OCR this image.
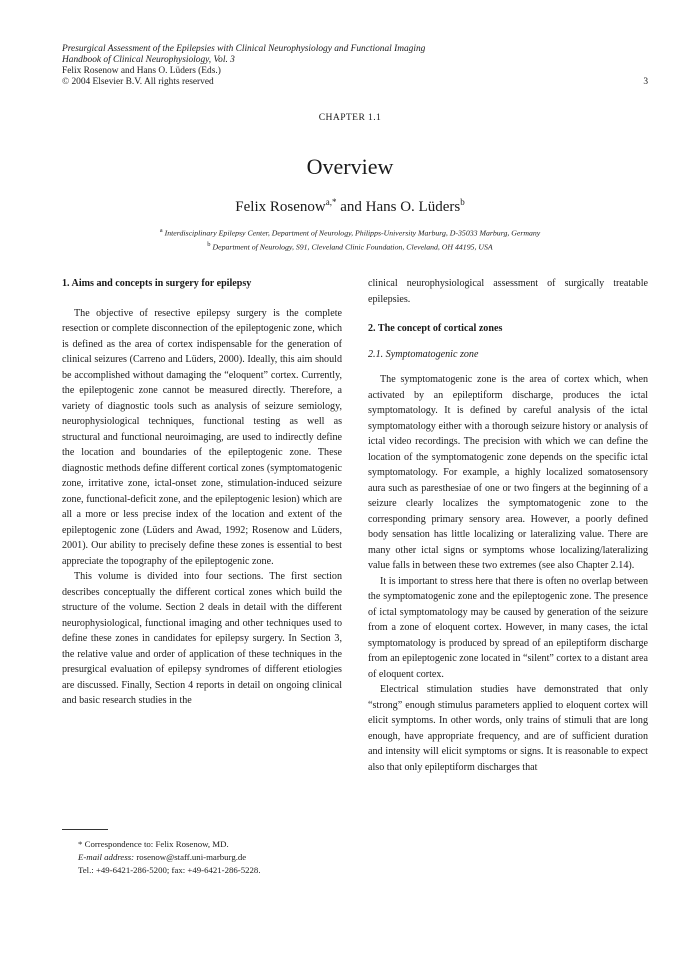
Presurgical Assessment of the Epilepsies with Clinical Neurophysiology and Functional Imaging
Handbook of Clinical Neurophysiology, Vol. 3
Felix Rosenow and Hans O. Lüders (Eds.)
© 2004 Elsevier B.V. All rights reserved	3
CHAPTER 1.1
Overview
Felix Rosenow$^{a,*}$ and Hans O. Lüders$^b$
$^a$ Interdisciplinary Epilepsy Center, Department of Neurology, Philipps-University Marburg, D-35033 Marburg, Germany
$^b$ Department of Neurology, S91, Cleveland Clinic Foundation, Cleveland, OH 44195, USA
1. Aims and concepts in surgery for epilepsy

The objective of resective epilepsy surgery is the complete resection or complete disconnection of the epileptogenic zone, which is defined as the area of cortex indispensable for the generation of clinical seizures (Carreno and Lüders, 2000). Ideally, this aim should be accomplished without damaging the “eloquent” cortex. Currently, the epileptogenic zone cannot be measured directly. Therefore, a variety of diagnostic tools such as analysis of seizure semiology, neurophysiological techniques, functional testing as well as structural and functional neuroimaging, are used to indirectly define the location and boundaries of the epileptogenic zone. These diagnostic methods define different cortical zones (symptomatogenic zone, irritative zone, ictal-onset zone, stimulation-induced seizure zone, functional-deficit zone, and the epileptogenic lesion) which are all a more or less precise index of the location and extent of the epileptogenic zone (Lüders and Awad, 1992; Rosenow and Lüders, 2001). Our ability to precisely define these zones is essential to best appreciate the topography of the epileptogenic zone.

This volume is divided into four sections. The first section describes conceptually the different cortical zones which build the structure of the volume. Section 2 deals in detail with the different neurophysiological, functional imaging and other techniques used to define these zones in candidates for epilepsy surgery. In Section 3, the relative value and order of application of these techniques in the presurgical evaluation of epilepsy syndromes of different etiologies are discussed. Finally, Section 4 reports in detail on ongoing clinical and basic research studies in the

clinical neurophysiological assessment of surgically treatable epilepsies.

2. The concept of cortical zones
2.1. Symptomatogenic zone

The symptomatogenic zone is the area of cortex which, when activated by an epileptiform discharge, produces the ictal symptomatology. It is defined by careful analysis of the ictal symptomatology either with a thorough seizure history or analysis of ictal video recordings. The precision with which we can define the location of the symptomatogenic zone depends on the specific ictal symptomatology. For example, a highly localized somatosensory aura such as paresthesiae of one or two fingers at the beginning of a seizure clearly localizes the symptomatogenic zone to the corresponding primary sensory area. However, a poorly defined body sensation has little localizing or lateralizing value. There are many other ictal signs or symptoms whose localizing/lateralizing value falls in between these two extremes (see also Chapter 2.14).

It is important to stress here that there is often no overlap between the symptomatogenic zone and the epileptogenic zone. The presence of ictal symptomatology may be caused by generation of the seizure from a zone of eloquent cortex. However, in many cases, the ictal symptomatology is produced by spread of an epileptiform discharge from an epileptogenic zone located in “silent” cortex to a distant area of eloquent cortex.

Electrical stimulation studies have demonstrated that only “strong” enough stimulus parameters applied to eloquent cortex will elicit symptoms. In other words, only trains of stimuli that are long enough, have appropriate frequency, and are of sufficient duration and intensity will elicit symptoms or signs. It is reasonable to expect also that only epileptiform discharges that

* Correspondence to: Felix Rosenow, MD.
E-mail address: rosenow@staff.uni-marburg.de
Tel.: +49-6421-286-5200; fax: +49-6421-286-5228.
